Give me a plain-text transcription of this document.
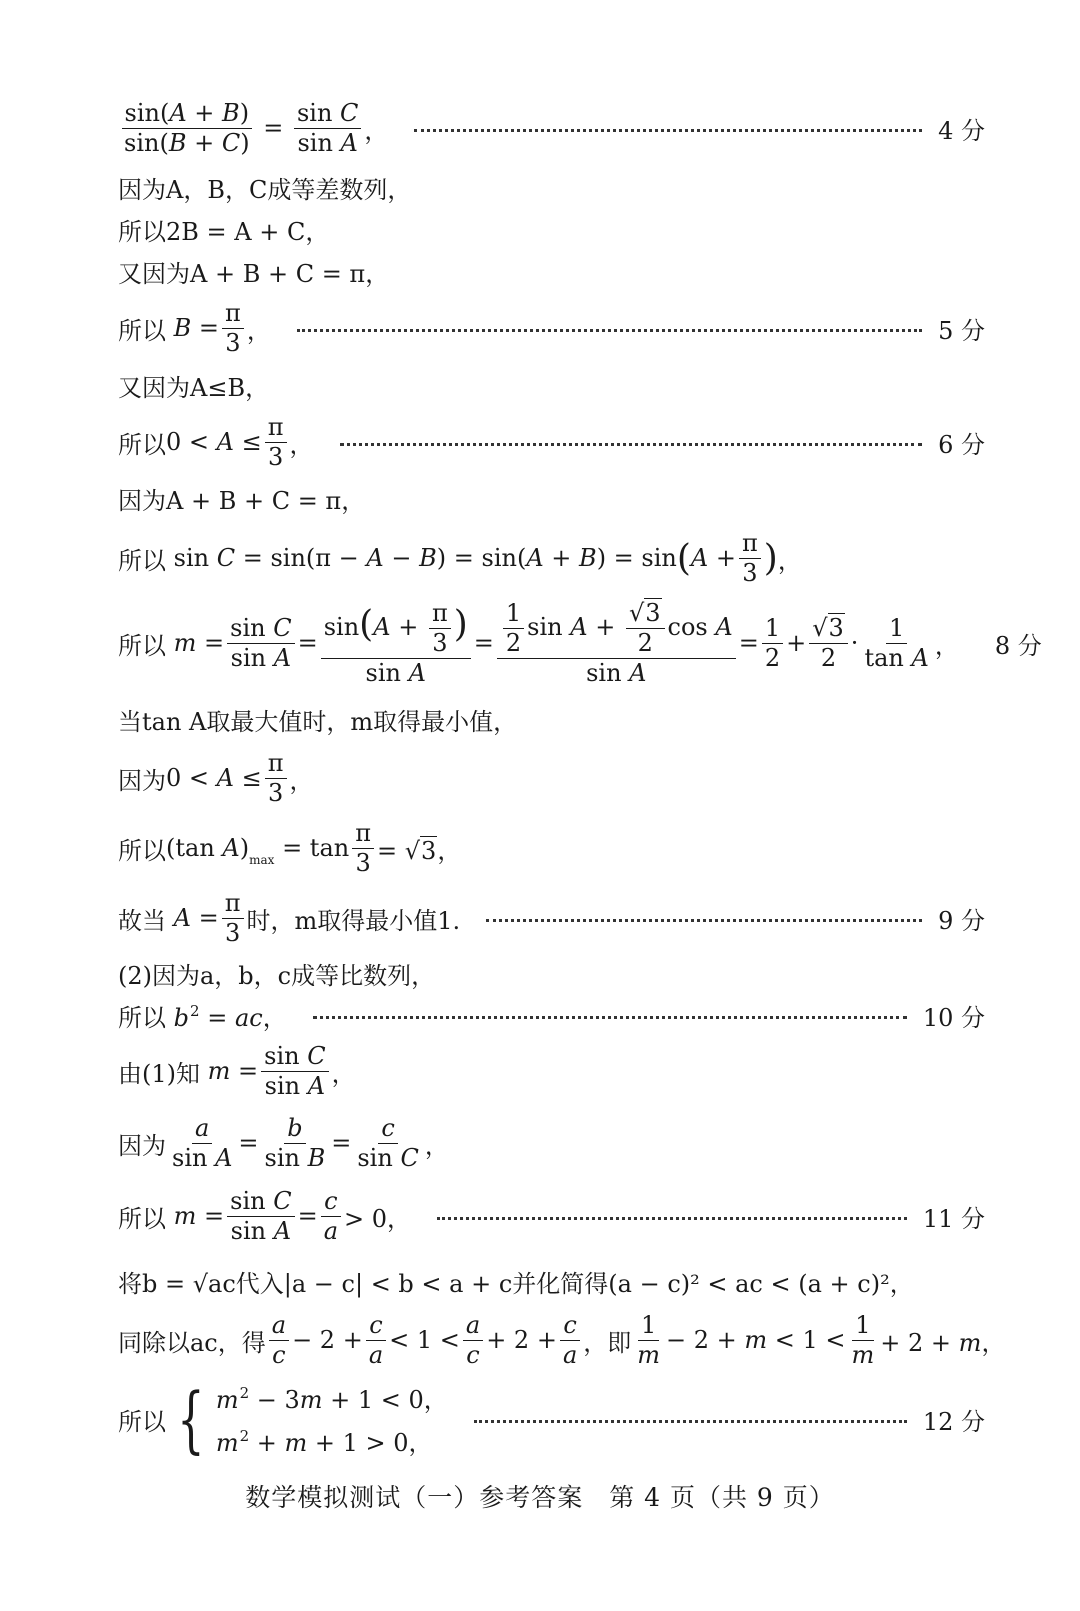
$\frac{\sin(A + B)}{\sin(B + C)} = \frac{\text{sin C}}{\text{sin A}}$ ，	4 分
因为A，B，C成等差数列，
所以2B = A + C，
又因为A + B + C = π，
所以 $B = \frac{\pi}{3}$ ，	5 分
又因为A≤B，
所以 $0 < A \le \frac{\pi}{3}$ ，	6 分
因为A + B + C = π，
所以 sin C = sin(π − A − B) = sin(A + B) = sin ( $A + \frac{\pi}{3}$ ) ，
所以 $m = \frac{\text{sin C}}{\text{sin A}} = \frac{\sin(A + \frac{\pi}{3} )}{\text{sin A}} = \frac{\frac{1}{2} \sin A + \frac{√3}{2} \cos A}{\text{sin A}} = \frac{1}{2} + \frac{√3}{2} \cdot \frac{1}{\text{tan A}}$ ， 8 分
当tan A取最大值时，m取得最小值，
因为 $0 < A \le \frac{\pi}{3}$ ，
所以 (tan $A)_{max} = \tan \frac{\pi}{3} = √3$，
故当 $A = \frac{\pi}{3}$ 时，m取得最小值1.	9 分
(2)因为a，b，c成等比数列，
所以 $b^2$ = ac，	10 分
由(1)知 $m = \frac{\text{sin C}}{\text{sin A}}$ ，
因为 $\frac{a}{\text{sin A}} = \frac{b}{\text{sin B}} = \frac{c}{\text{sin C}}$ ，
所以 $m = \frac{\text{sin C}}{\text{sin A}} = \frac{c}{a} > 0$，	11 分
将b = √ac代入|a − c| < b < a + c并化简得(a − c)² < ac < (a + c)²，
同除以ac，得 $\frac{a}{c} - 2 + \frac{c}{a} < 1 < \frac{a}{c} + 2 + \frac{c}{a}$ ，即 $\frac{1}{m} - 2 + m < 1 < \frac{1}{m} + 2 + m$，
所以 { $m^2 - 3m + 1 < 0$，
$m^2 + m + 1 > 0$，
12 分
数学模拟测试（一）参考答案　第 4 页（共 9 页）
